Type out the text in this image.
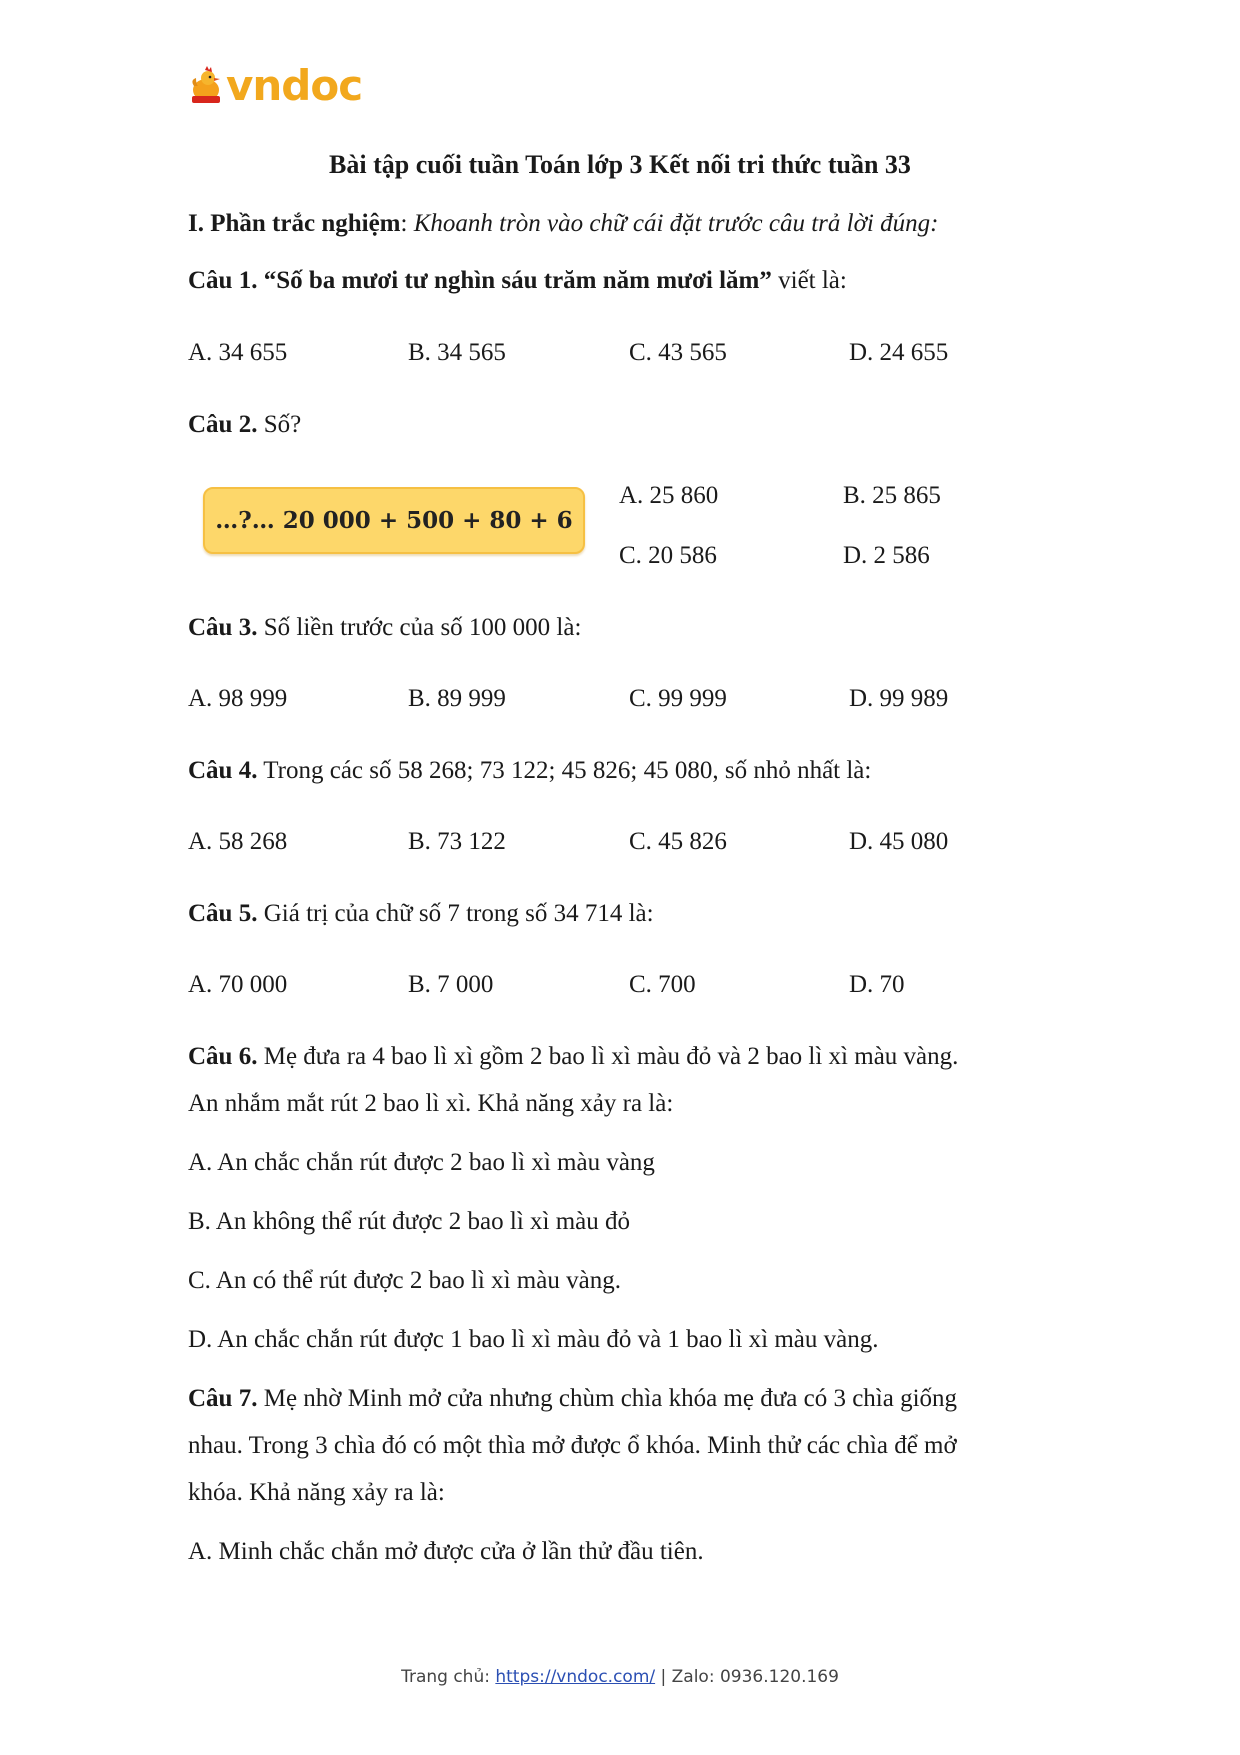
vndoc
Bài tập cuối tuần Toán lớp 3 Kết nối tri thức tuần 33
I. Phần trắc nghiệm: Khoanh tròn vào chữ cái đặt trước câu trả lời đúng:
Câu 1. “Số ba mươi tư nghìn sáu trăm năm mươi lăm” viết là:
A. 34 655	B. 34 565	C. 43 565	D. 24 655
Câu 2. Số?
…?… 20 000 + 500 + 80 + 6
A. 25 860	B. 25 865
C. 20 586	D. 2 586
Câu 3. Số liền trước của số 100 000 là:
A. 98 999	B. 89 999	C. 99 999	D. 99 989
Câu 4. Trong các số 58 268; 73 122; 45 826; 45 080, số nhỏ nhất là:
A. 58 268	B. 73 122	C. 45 826	D. 45 080
Câu 5. Giá trị của chữ số 7 trong số 34 714 là:
A. 70 000	B. 7 000	C. 700	D. 70
Câu 6. Mẹ đưa ra 4 bao lì xì gồm 2 bao lì xì màu đỏ và 2 bao lì xì màu vàng.
An nhắm mắt rút 2 bao lì xì. Khả năng xảy ra là:
A. An chắc chắn rút được 2 bao lì xì màu vàng
B. An không thể rút được 2 bao lì xì màu đỏ
C. An có thể rút được 2 bao lì xì màu vàng.
D. An chắc chắn rút được 1 bao lì xì màu đỏ và 1 bao lì xì màu vàng.
Câu 7. Mẹ nhờ Minh mở cửa nhưng chùm chìa khóa mẹ đưa có 3 chìa giống
nhau. Trong 3 chìa đó có một thìa mở được ổ khóa. Minh thử các chìa để mở
khóa. Khả năng xảy ra là:
A. Minh chắc chắn mở được cửa ở lần thử đầu tiên.
Trang chủ: https://vndoc.com/ | Zalo: 0936.120.169
